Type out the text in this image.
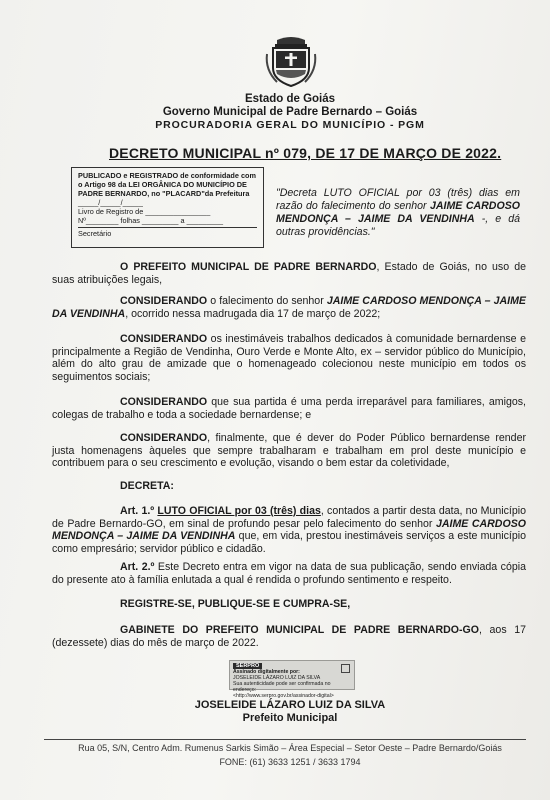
Estado de Goiás
Governo Municipal de Padre Bernardo – Goiás
PROCURADORIA GERAL DO MUNICÍPIO - PGM
DECRETO MUNICIPAL nº 079, DE 17 DE MARÇO DE 2022.
PUBLICADO e REGISTRADO de conformidade com o Artigo 98 da LEI ORGÂNICA DO MUNICÍPIO DE PADRE BERNARDO, no "PLACARD"da Prefeitura
_____/_____/_____
Livro de Registro de ________________
Nº________ folhas _________ a _________
Secretário
"Decreta LUTO OFICIAL por 03 (três) dias em razão do falecimento do senhor JAIME CARDOSO MENDONÇA – JAIME DA VENDINHA -, e dá outras providências."
O PREFEITO MUNICIPAL DE PADRE BERNARDO, Estado de Goiás, no uso de suas atribuições legais,
CONSIDERANDO o falecimento do senhor JAIME CARDOSO MENDONÇA – JAIME DA VENDINHA, ocorrido nessa madrugada dia 17 de março de 2022;
CONSIDERANDO os inestimáveis trabalhos dedicados à comunidade bernardense e principalmente a Região de Vendinha, Ouro Verde e Monte Alto, ex – servidor público do Município, além do alto grau de amizade que o homenageado colecionou neste município em todos os seguimentos sociais;
CONSIDERANDO que sua partida é uma perda irreparável para familiares, amigos, colegas de trabalho e toda a sociedade bernardense; e
CONSIDERANDO, finalmente, que é dever do Poder Público bernardense render justa homenagens àqueles que sempre trabalharam e trabalham em prol deste município e contribuem para o seu crescimento e evolução, visando o bem estar da coletividade,
DECRETA:
Art. 1.º LUTO OFICIAL por 03 (três) dias, contados a partir desta data, no Município de Padre Bernardo-GO, em sinal de profundo pesar pelo falecimento do senhor JAIME CARDOSO MENDONÇA – JAIME DA VENDINHA que, em vida, prestou inestimáveis serviços a este município como empresário; servidor público e cidadão.
Art. 2.º Este Decreto entra em vigor na data de sua publicação, sendo enviada cópia do presente ato à família enlutada a qual é rendida o profundo sentimento e respeito.
REGISTRE-SE, PUBLIQUE-SE E CUMPRA-SE,
GABINETE DO PREFEITO MUNICIPAL DE PADRE BERNARDO-GO, aos 17 (dezessete) dias do mês de março de 2022.
SERPRO
Assinado digitalmente por:
JOSELEIDE LÁZARO LUIZ DA SILVA
Sua autenticidade pode ser confirmada no endereço:
<http://www.serpro.gov.br/assinador-digital>
JOSELEIDE LÁZARO LUIZ DA SILVA
Prefeito Municipal
Rua 05, S/N, Centro Adm. Rumenus Sarkis Simão – Área Especial – Setor Oeste – Padre Bernardo/Goiás
FONE: (61) 3633 1251 / 3633 1794
